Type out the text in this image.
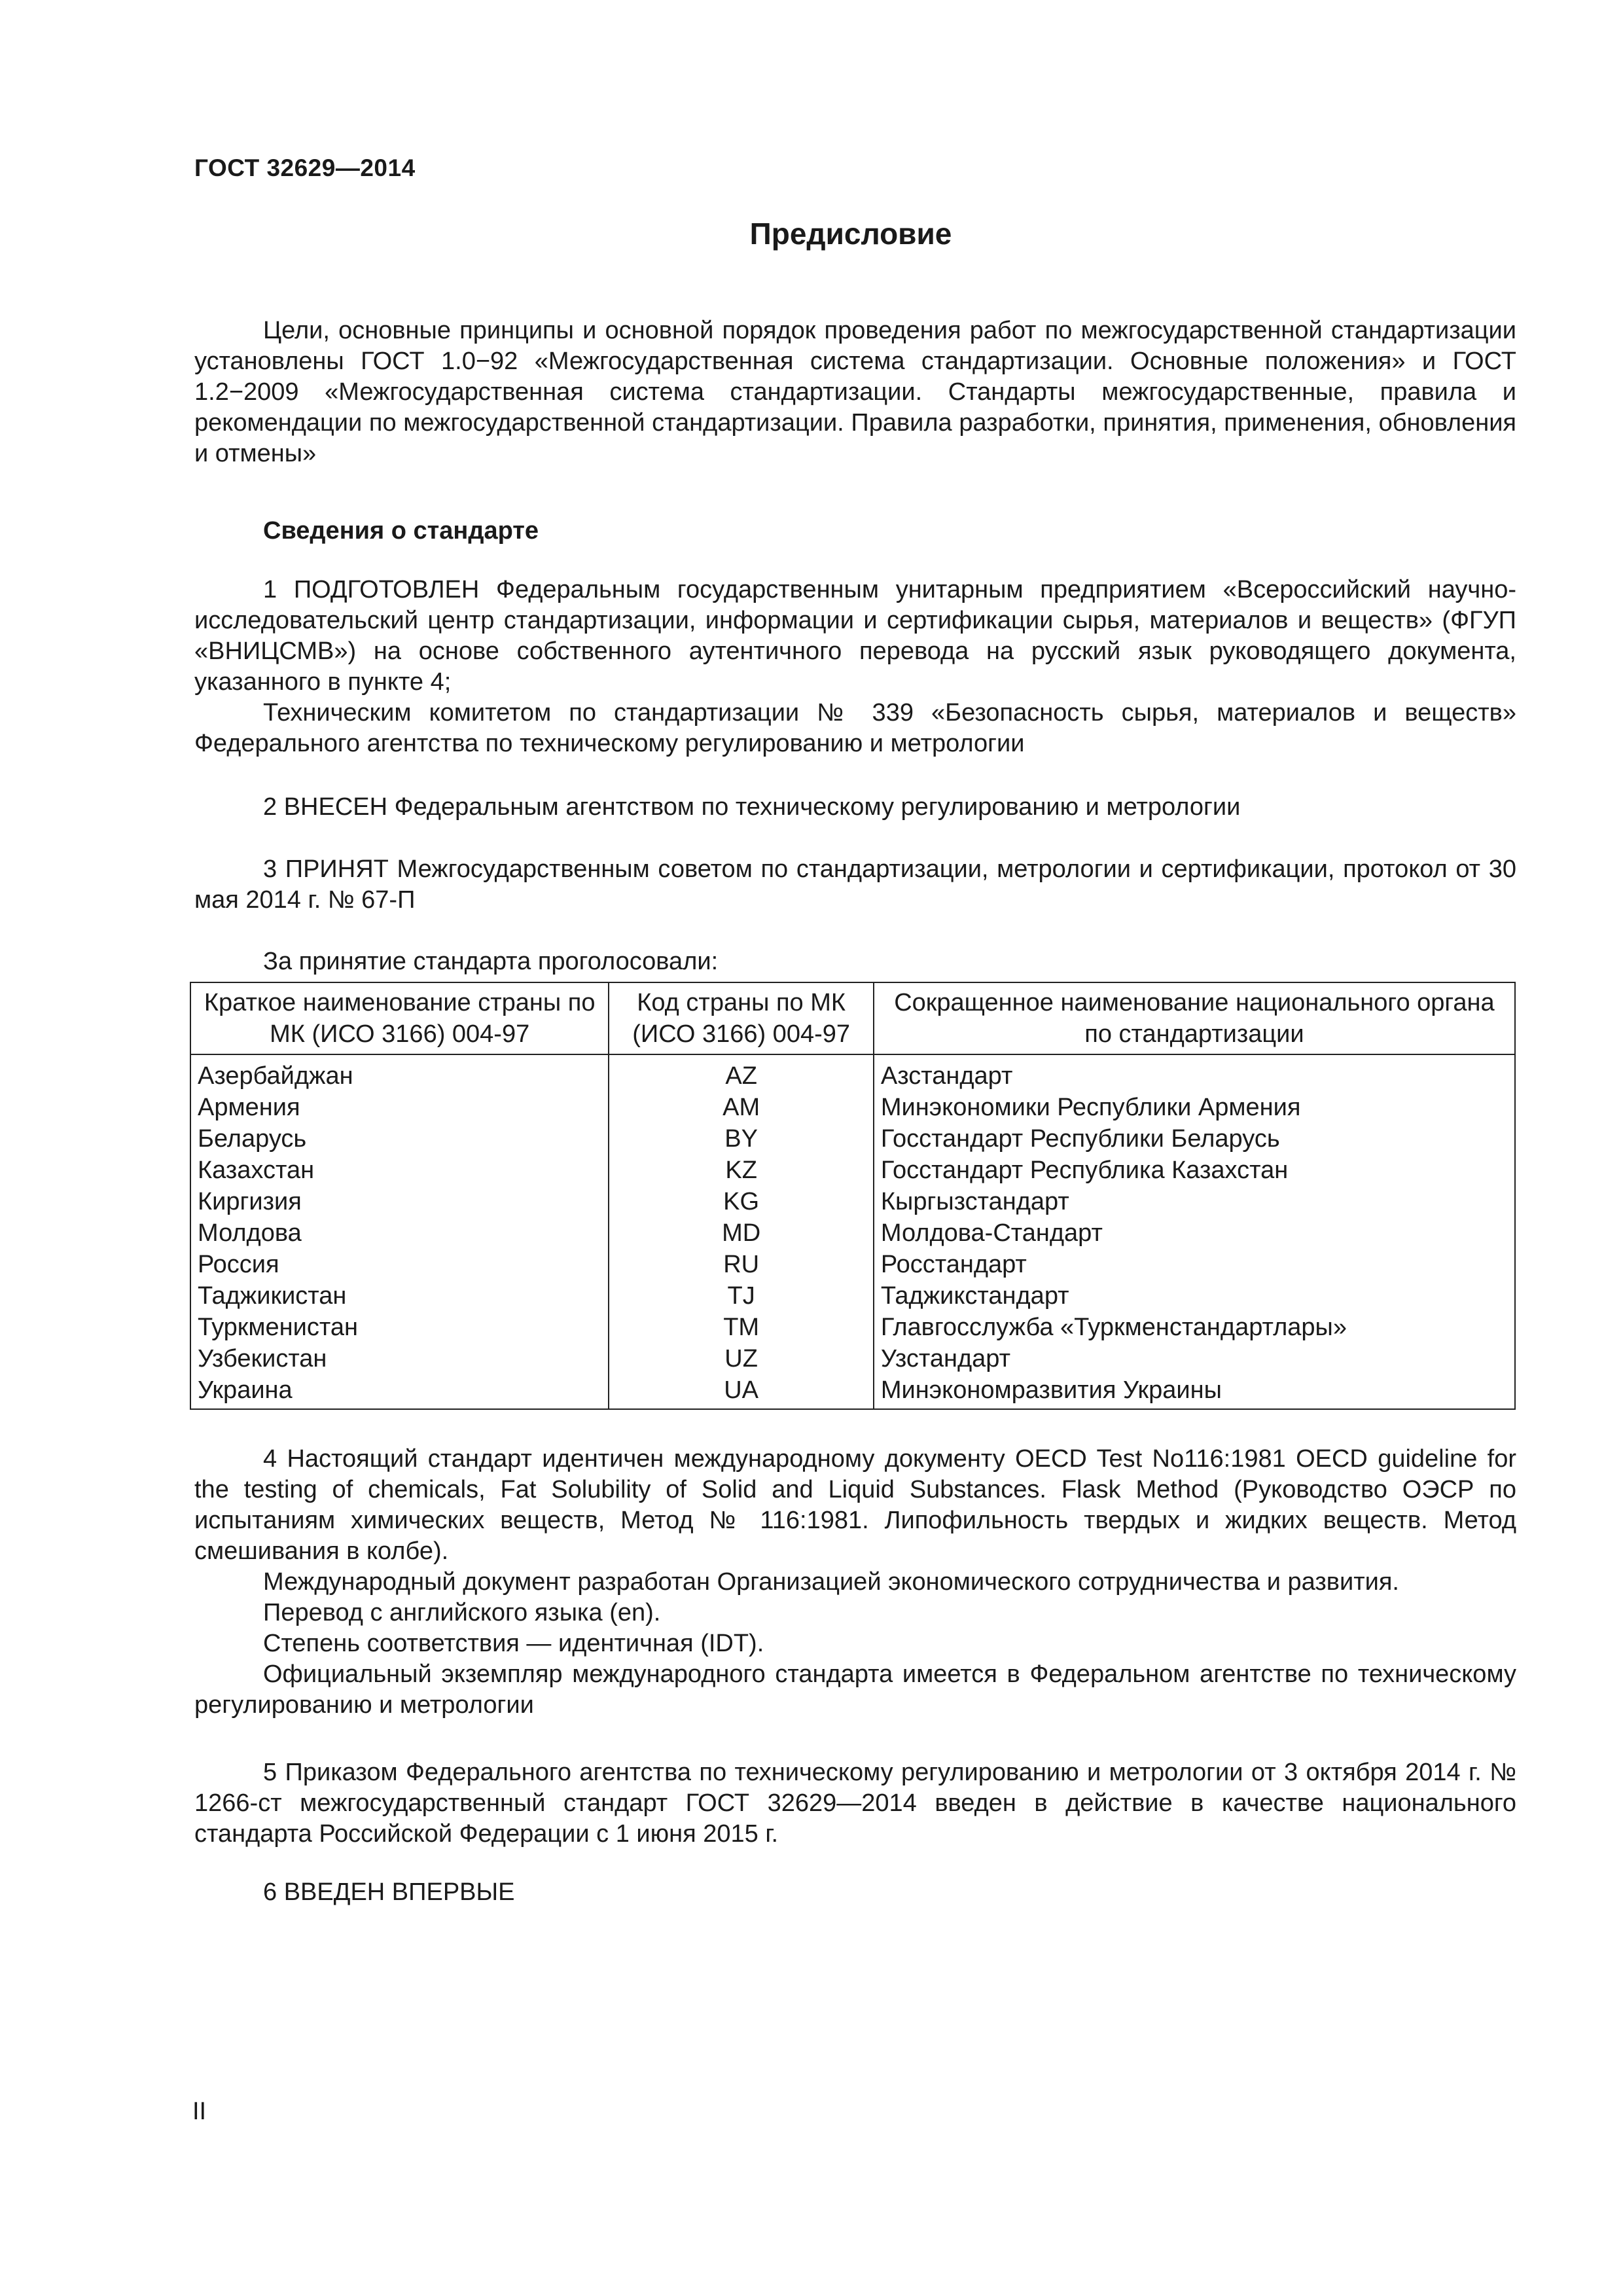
ГОСТ 32629—2014
Предисловие

Цели, основные принципы и основной порядок проведения работ по межгосударственной стандартизации установлены ГОСТ 1.0−92 «Межгосударственная система стандартизации. Основные положения» и ГОСТ 1.2−2009 «Межгосударственная система стандартизации. Стандарты межгосударственные, правила и рекомендации по межгосударственной стандартизации. Правила разработки, принятия, применения, обновления и отмены»

Сведения о стандарте

1 ПОДГОТОВЛЕН Федеральным государственным унитарным предприятием «Всероссийский научно-исследовательский центр стандартизации, информации и сертификации сырья, материалов и веществ» (ФГУП «ВНИЦСМВ») на основе собственного аутентичного перевода на русский язык руководящего документа, указанного в пункте 4;

Техническим комитетом по стандартизации № 339 «Безопасность сырья, материалов и веществ» Федерального агентства по техническому регулированию и метрологии

2 ВНЕСЕН Федеральным агентством по техническому регулированию и метрологии

3 ПРИНЯТ Межгосударственным советом по стандартизации, метрологии и сертификации, протокол от 30 мая 2014 г. № 67-П

За принятие стандарта проголосовали:
Краткое наименование страны по МК (ИСО 3166) 004-97	Код страны по МК (ИСО 3166) 004-97	Сокращенное наименование национального органа по стандартизации
Азербайджан	AZ	Азстандарт
Армения	AM	Минэкономики Республики Армения
Беларусь	BY	Госстандарт Республики Беларусь
Казахстан	KZ	Госстандарт Республика Казахстан
Киргизия	KG	Кыргызстандарт
Молдова	MD	Молдова-Стандарт
Россия	RU	Росстандарт
Таджикистан	TJ	Таджикстандарт
Туркменистан	TM	Главгосслужба «Туркменстандартлары»
Узбекистан	UZ	Узстандарт
Украина	UA	Минэкономразвития Украины

4 Настоящий стандарт идентичен международному документу OECD Test No116:1981 OECD guideline for the testing of chemicals, Fat Solubility of Solid and Liquid Substances. Flask Method (Руководство ОЭСР по испытаниям химических веществ, Метод № 116:1981. Липофильность твердых и жидких веществ. Метод смешивания в колбе).

Международный документ разработан Организацией экономического сотрудничества и развития.

Перевод с английского языка (en).

Степень соответствия — идентичная (IDT).

Официальный экземпляр международного стандарта имеется в Федеральном агентстве по техническому регулированию и метрологии

5 Приказом Федерального агентства по техническому регулированию и метрологии от 3 октября 2014 г. № 1266-ст межгосударственный стандарт ГОСТ 32629—2014 введен в действие в качестве национального стандарта Российской Федерации с 1 июня 2015 г.

6 ВВЕДЕН ВПЕРВЫЕ
II
